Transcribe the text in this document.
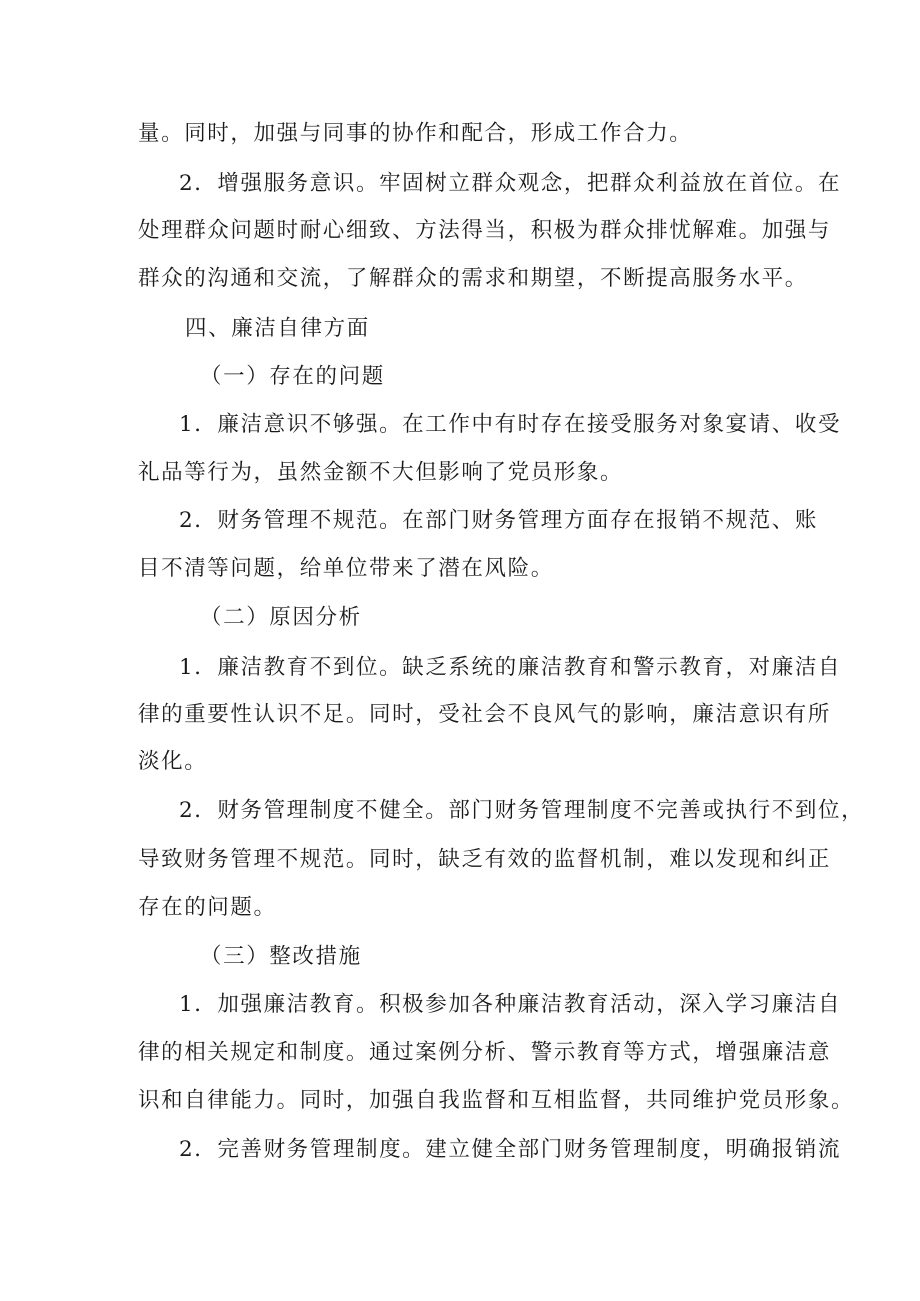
量。同时，加强与同事的协作和配合，形成工作合力。
2．增强服务意识。牢固树立群众观念，把群众利益放在首位。在
处理群众问题时耐心细致、方法得当，积极为群众排忧解难。加强与
群众的沟通和交流，了解群众的需求和期望，不断提高服务水平。
四、廉洁自律方面
（一）存在的问题
1．廉洁意识不够强。在工作中有时存在接受服务对象宴请、收受
礼品等行为，虽然金额不大但影响了党员形象。
2．财务管理不规范。在部门财务管理方面存在报销不规范、账
目不清等问题，给单位带来了潜在风险。
（二）原因分析
1．廉洁教育不到位。缺乏系统的廉洁教育和警示教育，对廉洁自
律的重要性认识不足。同时，受社会不良风气的影响，廉洁意识有所
淡化。
2．财务管理制度不健全。部门财务管理制度不完善或执行不到位，
导致财务管理不规范。同时，缺乏有效的监督机制，难以发现和纠正
存在的问题。
（三）整改措施
1．加强廉洁教育。积极参加各种廉洁教育活动，深入学习廉洁自
律的相关规定和制度。通过案例分析、警示教育等方式，增强廉洁意
识和自律能力。同时，加强自我监督和互相监督，共同维护党员形象。
2．完善财务管理制度。建立健全部门财务管理制度，明确报销流
